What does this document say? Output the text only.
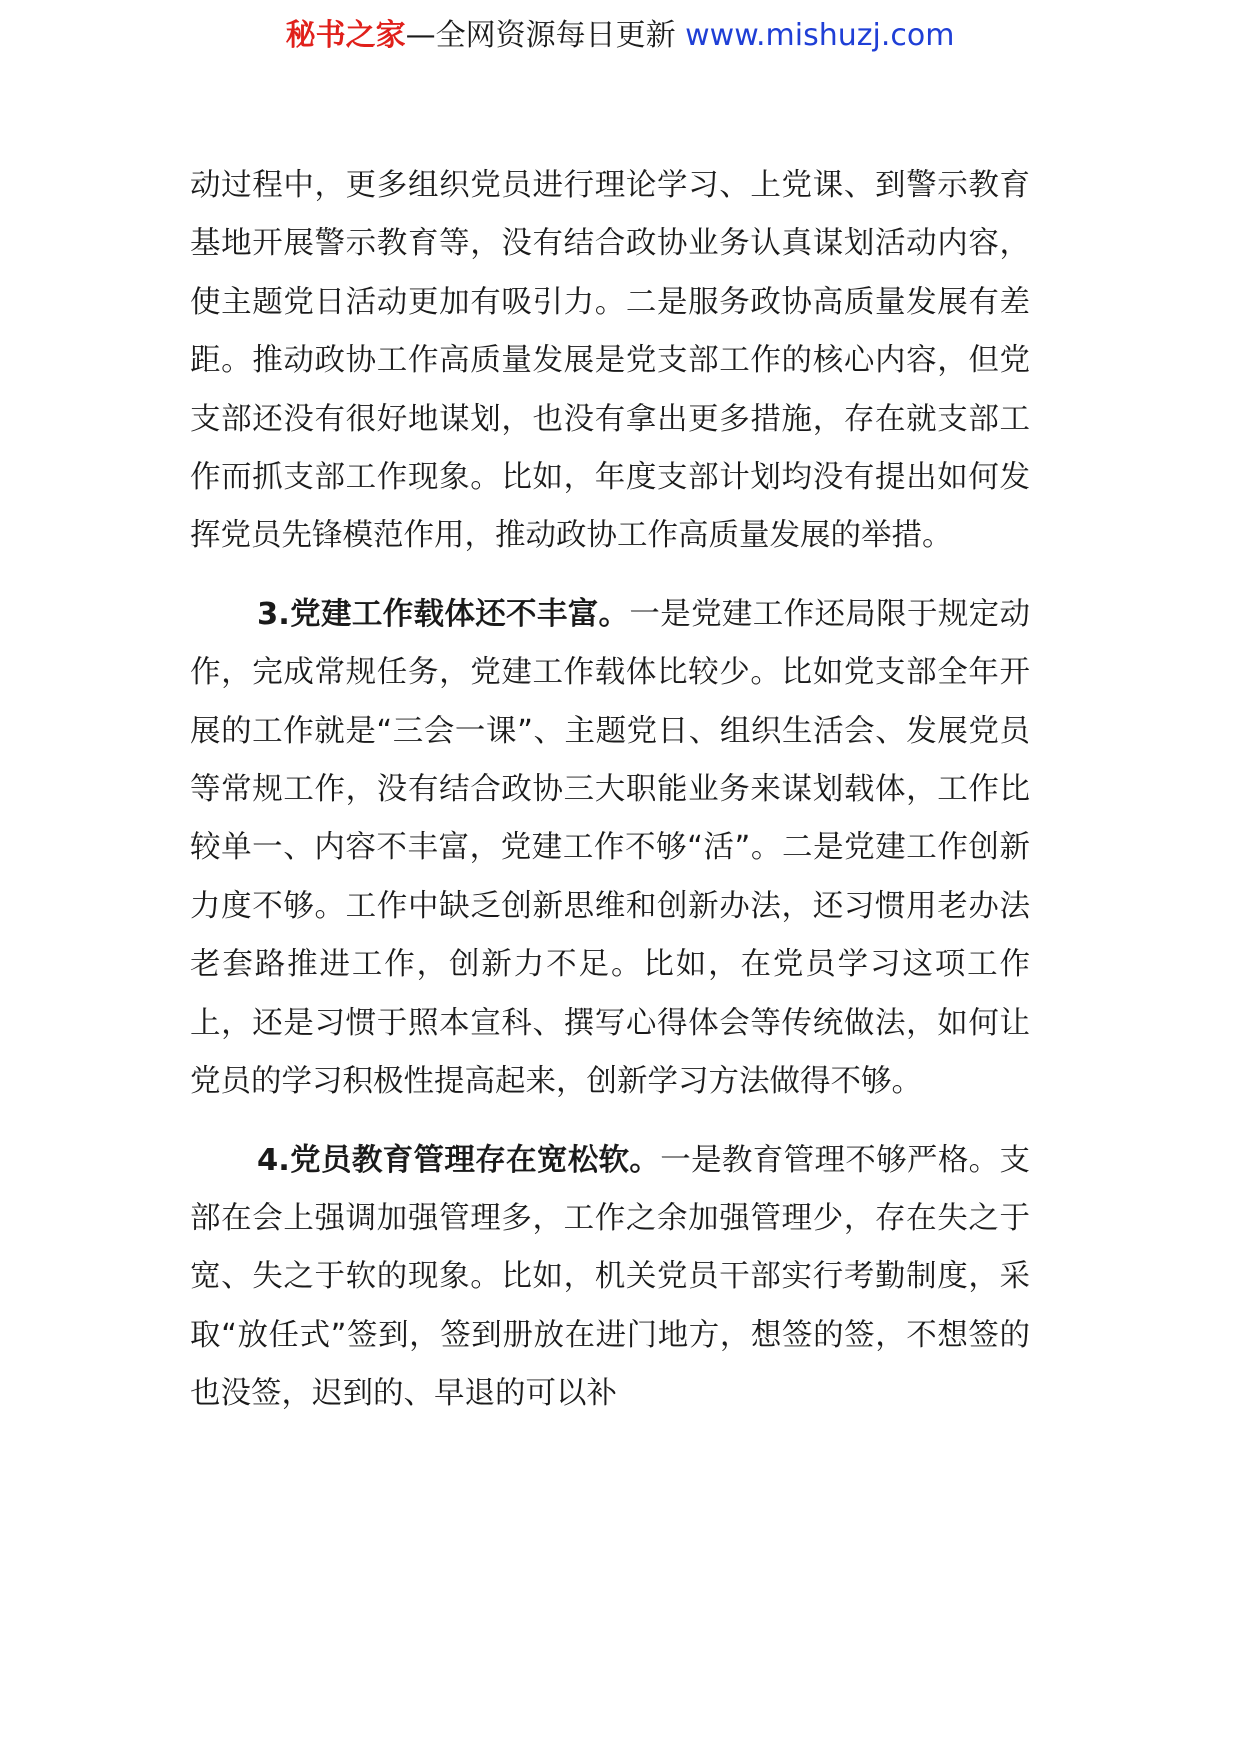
秘书之家—全网资源每日更新 www.mishuzj.com

动过程中，更多组织党员进行理论学习、上党课、到警示教育基地开展警示教育等，没有结合政协业务认真谋划活动内容，使主题党日活动更加有吸引力。二是服务政协高质量发展有差距。推动政协工作高质量发展是党支部工作的核心内容，但党支部还没有很好地谋划，也没有拿出更多措施，存在就支部工作而抓支部工作现象。比如，年度支部计划均没有提出如何发挥党员先锋模范作用，推动政协工作高质量发展的举措。

3.党建工作载体还不丰富。一是党建工作还局限于规定动作，完成常规任务，党建工作载体比较少。比如党支部全年开展的工作就是“三会一课”、主题党日、组织生活会、发展党员等常规工作，没有结合政协三大职能业务来谋划载体，工作比较单一、内容不丰富，党建工作不够“活”。二是党建工作创新力度不够。工作中缺乏创新思维和创新办法，还习惯用老办法老套路推进工作，创新力不足。比如，在党员学习这项工作上，还是习惯于照本宣科、撰写心得体会等传统做法，如何让党员的学习积极性提高起来，创新学习方法做得不够。

4.党员教育管理存在宽松软。一是教育管理不够严格。支部在会上强调加强管理多，工作之余加强管理少，存在失之于宽、失之于软的现象。比如，机关党员干部实行考勤制度，采取“放任式”签到，签到册放在进门地方，想签的签，不想签的也没签，迟到的、早退的可以补
